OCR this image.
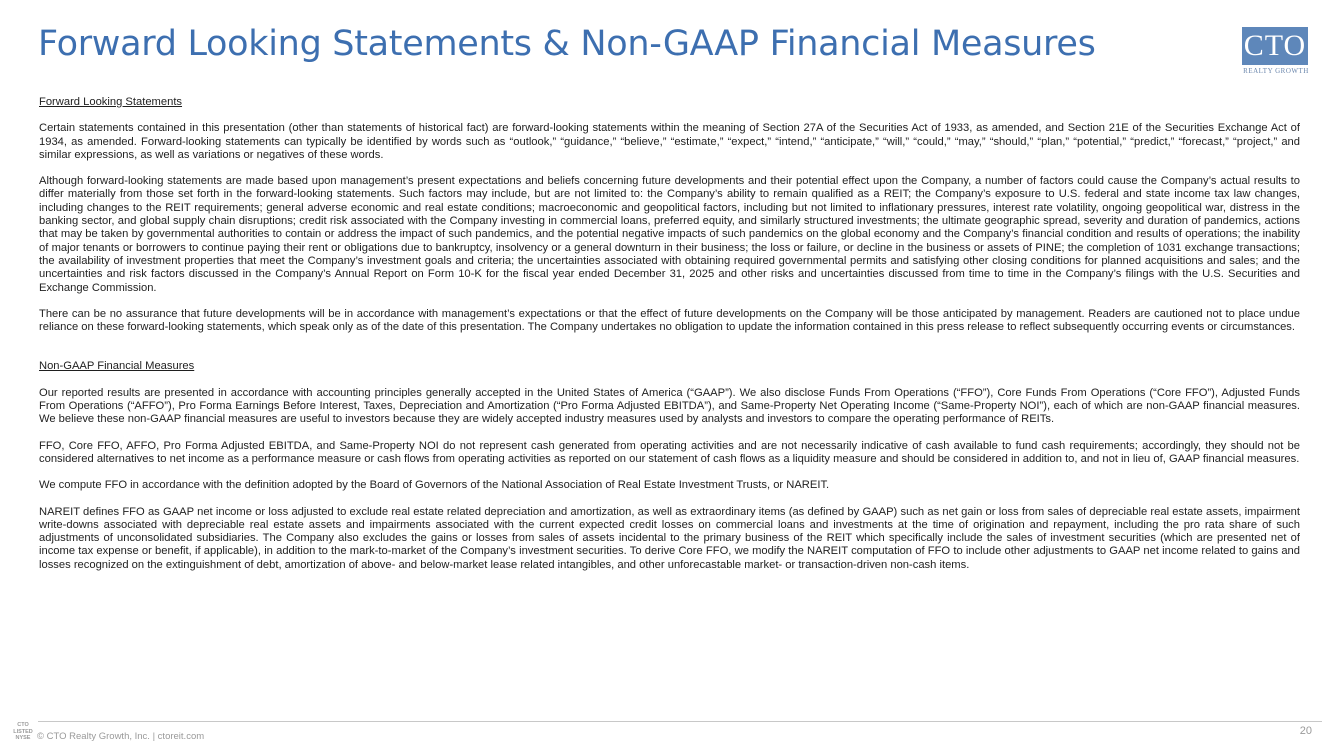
Forward Looking Statements & Non-GAAP Financial Measures	CTO
REALTY GROWTH

Forward Looking Statements

Certain statements contained in this presentation (other than statements of historical fact) are forward-looking statements within the meaning of Section 27A of the Securities Act of 1933, as amended, and Section 21E of the Securities Exchange Act of 1934, as amended. Forward-looking statements can typically be identified by words such as “outlook,” “guidance,” “believe,” “estimate,” “expect,” “intend,” “anticipate,” “will,” “could,” “may,” “should,” “plan,” “potential,” “predict,” “forecast,” “project,” and similar expressions, as well as variations or negatives of these words.

Although forward-looking statements are made based upon management’s present expectations and beliefs concerning future developments and their potential effect upon the Company, a number of factors could cause the Company’s actual results to differ materially from those set forth in the forward-looking statements. Such factors may include, but are not limited to: the Company’s ability to remain qualified as a REIT; the Company’s exposure to U.S. federal and state income tax law changes, including changes to the REIT requirements; general adverse economic and real estate conditions; macroeconomic and geopolitical factors, including but not limited to inflationary pressures, interest rate volatility, ongoing geopolitical war, distress in the banking sector, and global supply chain disruptions; credit risk associated with the Company investing in commercial loans, preferred equity, and similarly structured investments; the ultimate geographic spread, severity and duration of pandemics, actions that may be taken by governmental authorities to contain or address the impact of such pandemics, and the potential negative impacts of such pandemics on the global economy and the Company’s financial condition and results of operations; the inability of major tenants or borrowers to continue paying their rent or obligations due to bankruptcy, insolvency or a general downturn in their business; the loss or failure, or decline in the business or assets of PINE; the completion of 1031 exchange transactions; the availability of investment properties that meet the Company’s investment goals and criteria; the uncertainties associated with obtaining required governmental permits and satisfying other closing conditions for planned acquisitions and sales; and the uncertainties and risk factors discussed in the Company’s Annual Report on Form 10-K for the fiscal year ended December 31, 2025 and other risks and uncertainties discussed from time to time in the Company’s filings with the U.S. Securities and Exchange Commission.

There can be no assurance that future developments will be in accordance with management’s expectations or that the effect of future developments on the Company will be those anticipated by management. Readers are cautioned not to place undue reliance on these forward-looking statements, which speak only as of the date of this presentation. The Company undertakes no obligation to update the information contained in this press release to reflect subsequently occurring events or circumstances.

Non-GAAP Financial Measures

Our reported results are presented in accordance with accounting principles generally accepted in the United States of America (“GAAP”). We also disclose Funds From Operations (“FFO”), Core Funds From Operations (“Core FFO”), Adjusted Funds From Operations (“AFFO”), Pro Forma Earnings Before Interest, Taxes, Depreciation and Amortization (“Pro Forma Adjusted EBITDA”), and Same-Property Net Operating Income (“Same-Property NOI”), each of which are non-GAAP financial measures. We believe these non-GAAP financial measures are useful to investors because they are widely accepted industry measures used by analysts and investors to compare the operating performance of REITs.

FFO, Core FFO, AFFO, Pro Forma Adjusted EBITDA, and Same-Property NOI do not represent cash generated from operating activities and are not necessarily indicative of cash available to fund cash requirements; accordingly, they should not be considered alternatives to net income as a performance measure or cash flows from operating activities as reported on our statement of cash flows as a liquidity measure and should be considered in addition to, and not in lieu of, GAAP financial measures.

We compute FFO in accordance with the definition adopted by the Board of Governors of the National Association of Real Estate Investment Trusts, or NAREIT.

NAREIT defines FFO as GAAP net income or loss adjusted to exclude real estate related depreciation and amortization, as well as extraordinary items (as defined by GAAP) such as net gain or loss from sales of depreciable real estate assets, impairment write-downs associated with depreciable real estate assets and impairments associated with the current expected credit losses on commercial loans and investments at the time of origination and repayment, including the pro rata share of such adjustments of unconsolidated subsidiaries. The Company also excludes the gains or losses from sales of assets incidental to the primary business of the REIT which specifically include the sales of investment securities (which are presented net of income tax expense or benefit, if applicable), in addition to the mark-to-market of the Company’s investment securities. To derive Core FFO, we modify the NAREIT computation of FFO to include other adjustments to GAAP net income related to gains and losses recognized on the extinguishment of debt, amortization of above- and below-market lease related intangibles, and other unforecastable market- or transaction-driven non-cash items.

CTO
LISTED
NYSE © CTO Realty Growth, Inc. | ctoreit.com	20
